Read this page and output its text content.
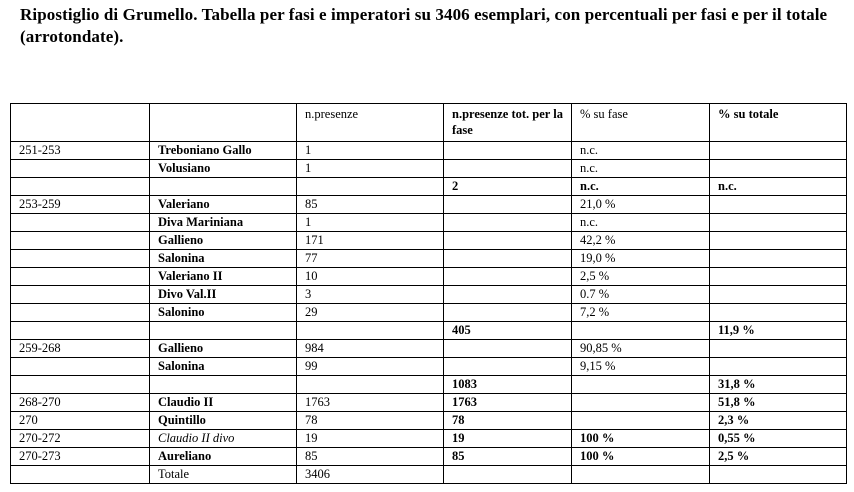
Ripostiglio di Grumello. Tabella per fasi e imperatori su 3406 esemplari, con percentuali per fasi e per il totale (arrotondate).
		n.presenze	n.presenze tot. per la fase	% su fase	% su totale
251-253	Treboniano Gallo	1		n.c.	
	Volusiano	1		n.c.	
			2	n.c.	n.c.
253-259	Valeriano	85		21,0 %	
	Diva Mariniana	1		n.c.	
	Gallieno	171		42,2 %	
	Salonina	77		19,0 %	
	Valeriano II	10		2,5 %	
	Divo Val.II	3		0.7 %	
	Salonino	29		7,2 %	
			405		11,9 %
259-268	Gallieno	984		90,85 %	
	Salonina	99		9,15 %	
			1083		31,8 %
268-270	Claudio II	1763	1763		51,8 %
270	Quintillo	78	78		2,3 %
270-272	Claudio II divo	19	19	100 %	0,55 %
270-273	Aureliano	85	85	100 %	2,5 %
	Totale	3406			
